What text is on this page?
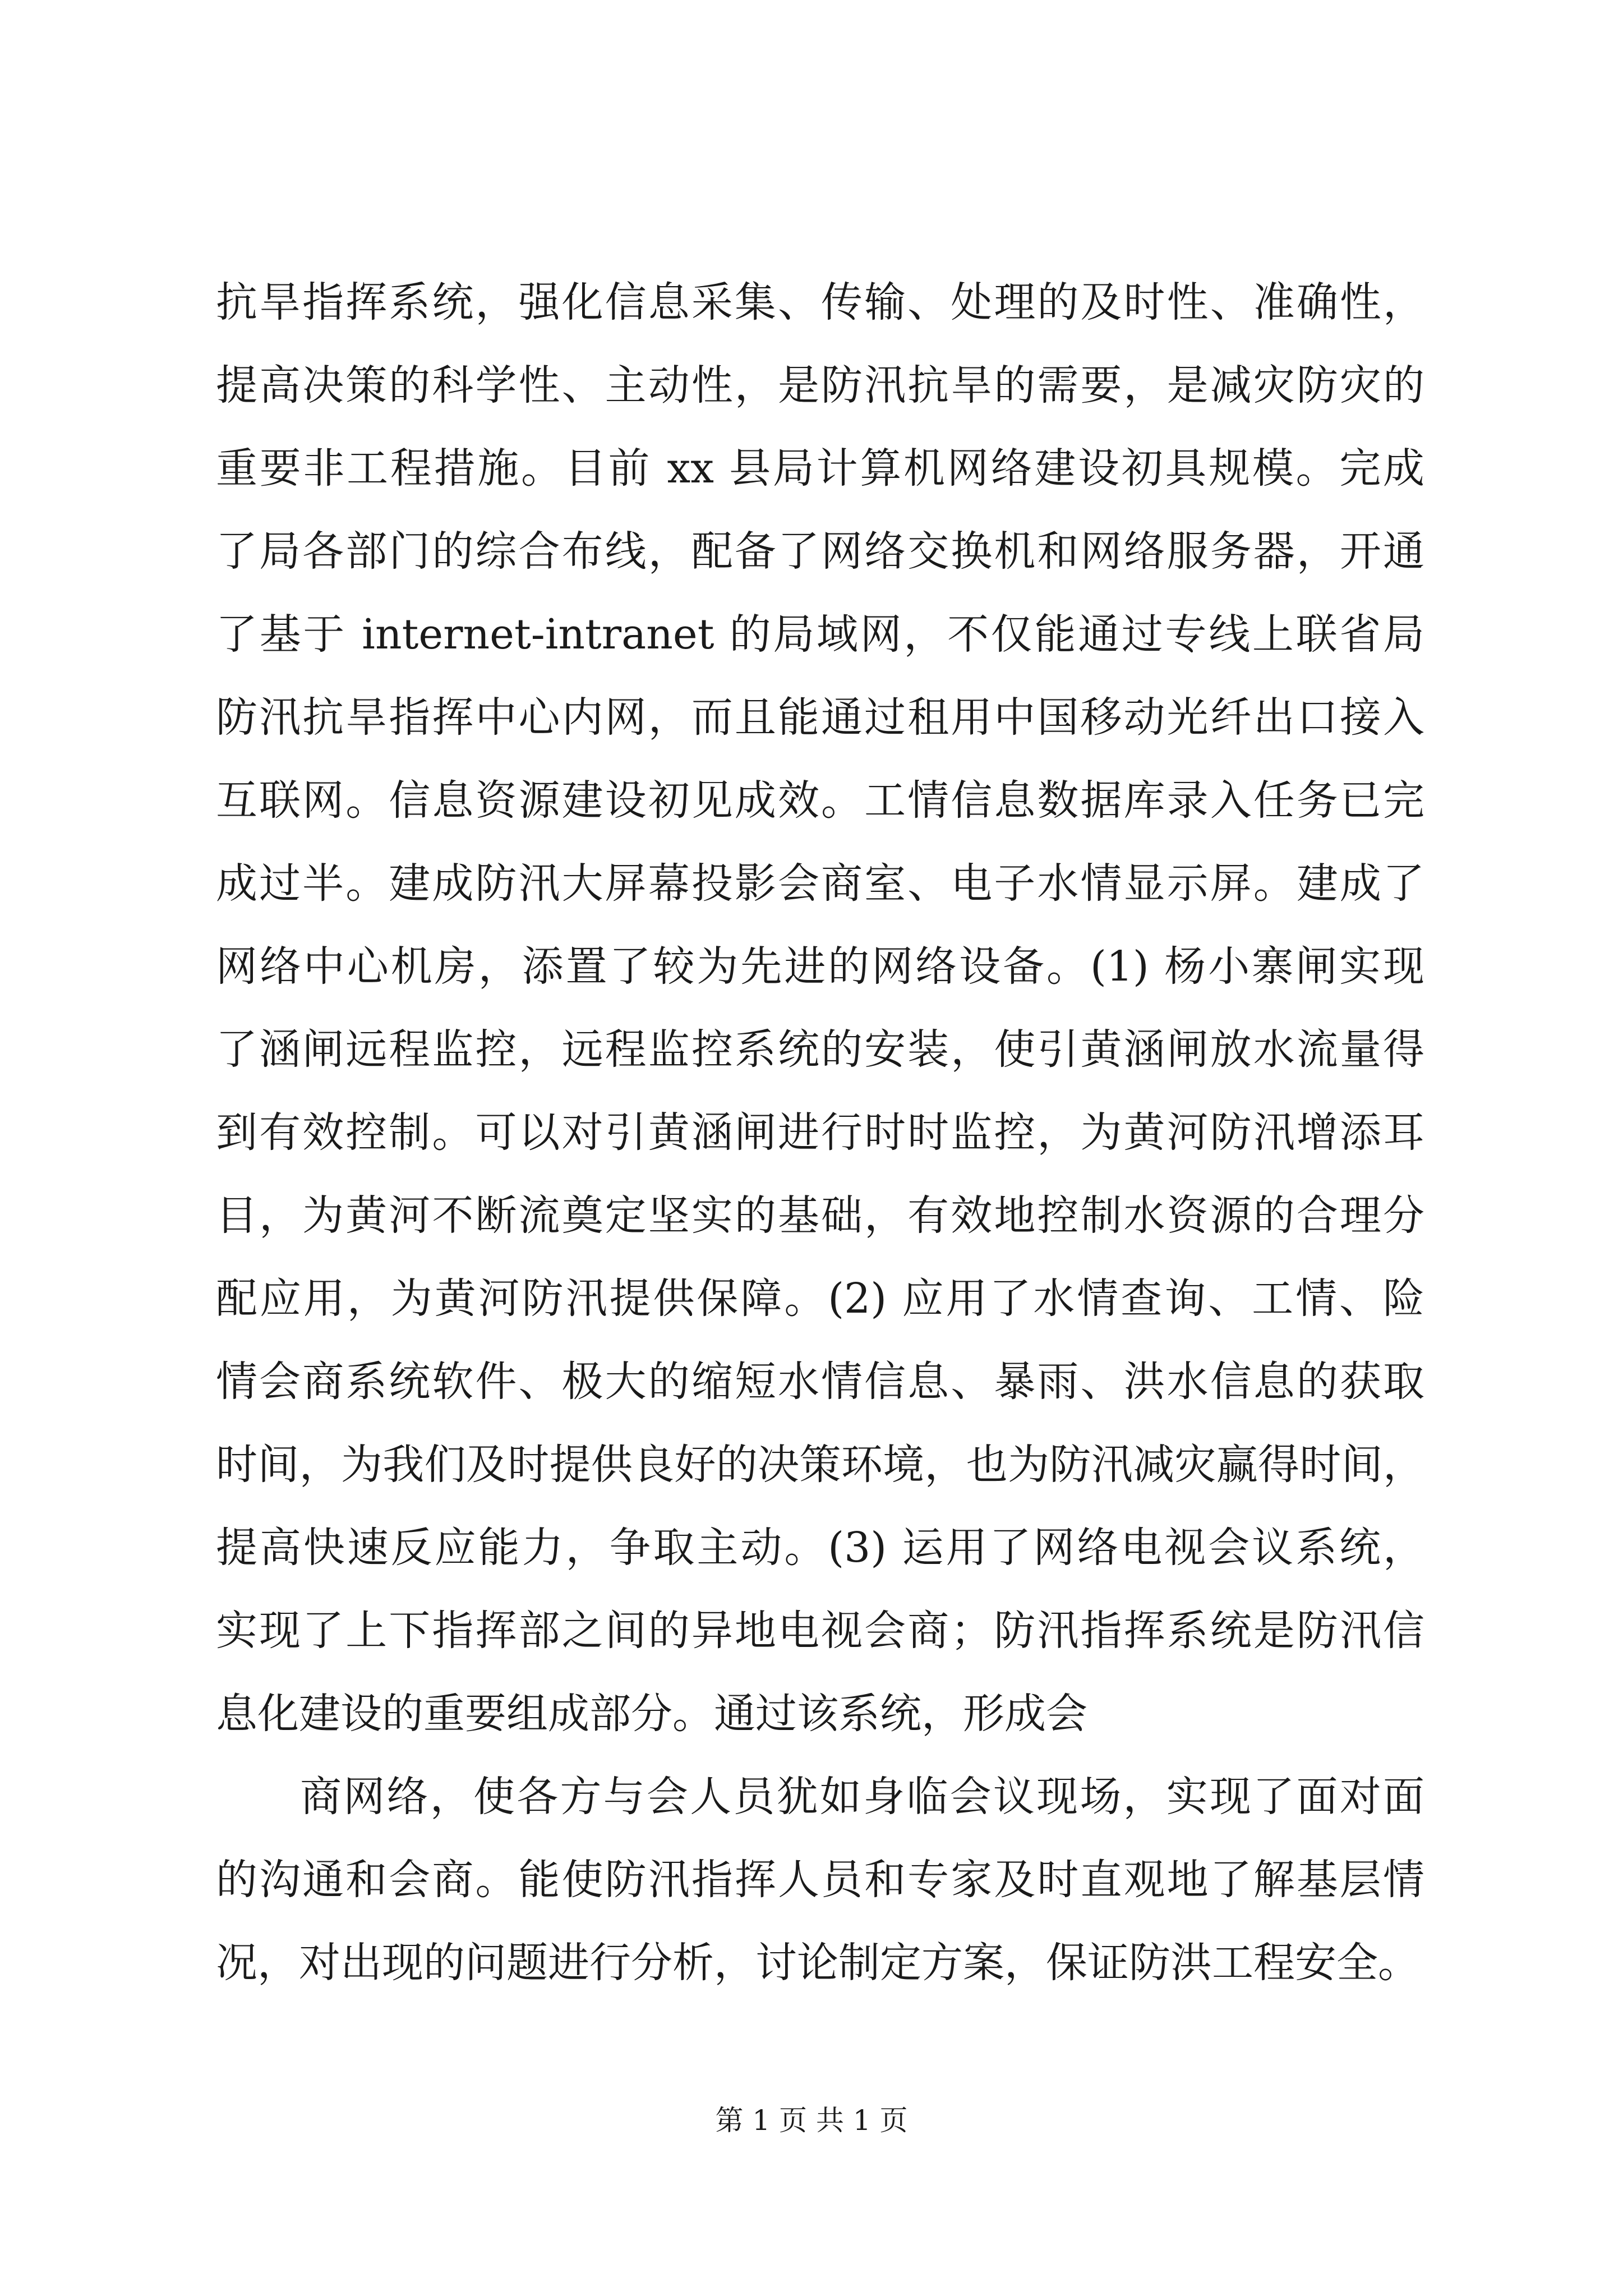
抗旱指挥系统，强化信息采集、传输、处理的及时性、准确性，
提高决策的科学性、主动性，是防汛抗旱的需要，是减灾防灾的
重要非工程措施。目前 xx 县局计算机网络建设初具规模。完成
了局各部门的综合布线，配备了网络交换机和网络服务器，开通
了基于 internet-intranet 的局域网，不仅能通过专线上联省局
防汛抗旱指挥中心内网，而且能通过租用中国移动光纤出口接入
互联网。信息资源建设初见成效。工情信息数据库录入任务已完
成过半。建成防汛大屏幕投影会商室、电子水情显示屏。建成了
网络中心机房，添置了较为先进的网络设备。(1) 杨小寨闸实现
了涵闸远程监控，远程监控系统的安装，使引黄涵闸放水流量得
到有效控制。可以对引黄涵闸进行时时监控，为黄河防汛增添耳
目，为黄河不断流奠定坚实的基础，有效地控制水资源的合理分
配应用，为黄河防汛提供保障。(2) 应用了水情查询、工情、险
情会商系统软件、极大的缩短水情信息、暴雨、洪水信息的获取
时间，为我们及时提供良好的决策环境，也为防汛减灾赢得时间，
提高快速反应能力，争取主动。(3) 运用了网络电视会议系统，
实现了上下指挥部之间的异地电视会商；防汛指挥系统是防汛信
息化建设的重要组成部分。通过该系统，形成会
商网络，使各方与会人员犹如身临会议现场，实现了面对面
的沟通和会商。能使防汛指挥人员和专家及时直观地了解基层情
况，对出现的问题进行分析，讨论制定方案，保证防洪工程安全。
第 1 页 共 1 页
